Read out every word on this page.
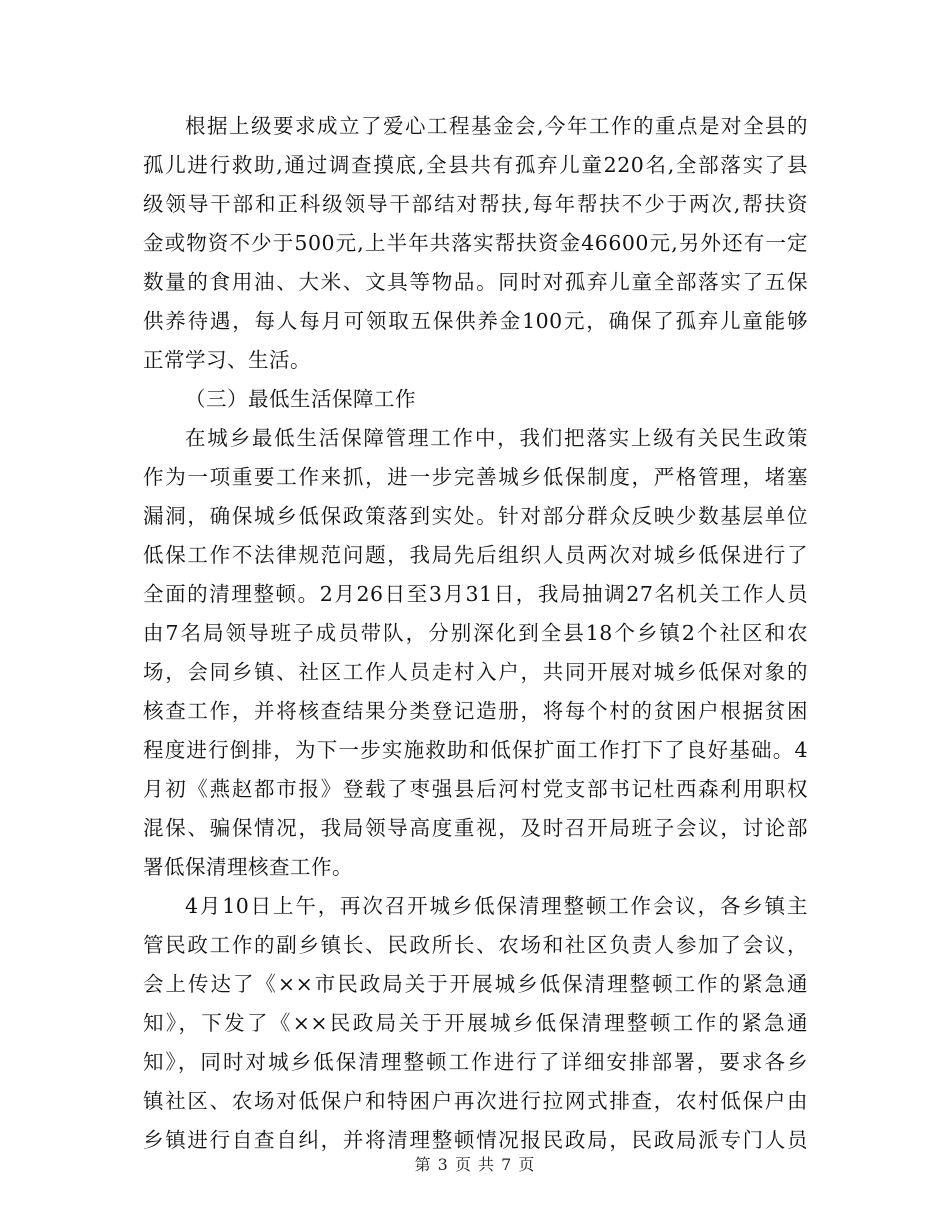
根据上级要求成立了爱心工程基金会,今年工作的重点是对全县的
孤儿进行救助,通过调查摸底,全县共有孤弃儿童220名,全部落实了县
级领导干部和正科级领导干部结对帮扶,每年帮扶不少于两次,帮扶资
金或物资不少于500元,上半年共落实帮扶资金46600元,另外还有一定
数量的食用油、大米、文具等物品。同时对孤弃儿童全部落实了五保
供养待遇，每人每月可领取五保供养金100元，确保了孤弃儿童能够
正常学习、生活。
（三）最低生活保障工作
在城乡最低生活保障管理工作中，我们把落实上级有关民生政策
作为一项重要工作来抓，进一步完善城乡低保制度，严格管理，堵塞
漏洞，确保城乡低保政策落到实处。针对部分群众反映少数基层单位
低保工作不法律规范问题，我局先后组织人员两次对城乡低保进行了
全面的清理整顿。2月26日至3月31日，我局抽调27名机关工作人员
由7名局领导班子成员带队，分别深化到全县18个乡镇2个社区和农
场，会同乡镇、社区工作人员走村入户，共同开展对城乡低保对象的
核查工作，并将核查结果分类登记造册，将每个村的贫困户根据贫困
程度进行倒排，为下一步实施救助和低保扩面工作打下了良好基础。4
月初《燕赵都市报》登载了枣强县后河村党支部书记杜西森利用职权
混保、骗保情况，我局领导高度重视，及时召开局班子会议，讨论部
署低保清理核查工作。
4月10日上午，再次召开城乡低保清理整顿工作会议，各乡镇主
管民政工作的副乡镇长、民政所长、农场和社区负责人参加了会议，
会上传达了《××市民政局关于开展城乡低保清理整顿工作的紧急通
知》，下发了《××民政局关于开展城乡低保清理整顿工作的紧急通
知》，同时对城乡低保清理整顿工作进行了详细安排部署，要求各乡
镇社区、农场对低保户和特困户再次进行拉网式排查，农村低保户由
乡镇进行自查自纠，并将清理整顿情况报民政局，民政局派专门人员
第 3 页 共 7 页
